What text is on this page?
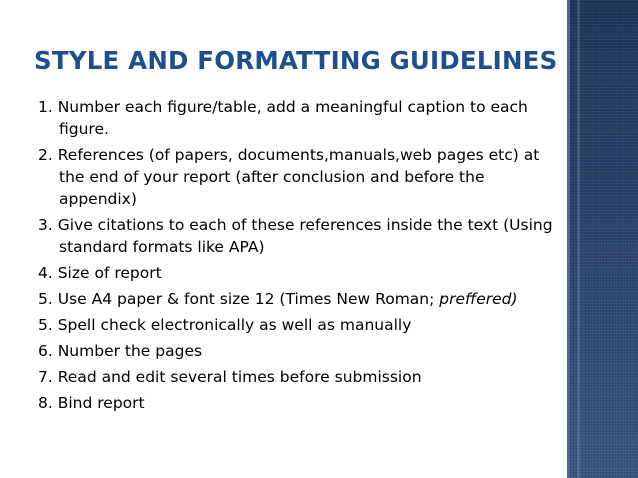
STYLE AND FORMATTING GUIDELINES
1. Number each figure/table, add a meaningful caption to each figure.
2. References (of papers, documents,manuals,web pages etc) at the end of your report (after conclusion and before the appendix)
3. Give citations to each of these references inside the text (Using standard formats like APA)
4. Size of report
5. Use A4 paper & font size 12 (Times New Roman; preffered)
5. Spell check electronically as well as manually
6. Number the pages
7. Read and edit several times before submission
8. Bind report
